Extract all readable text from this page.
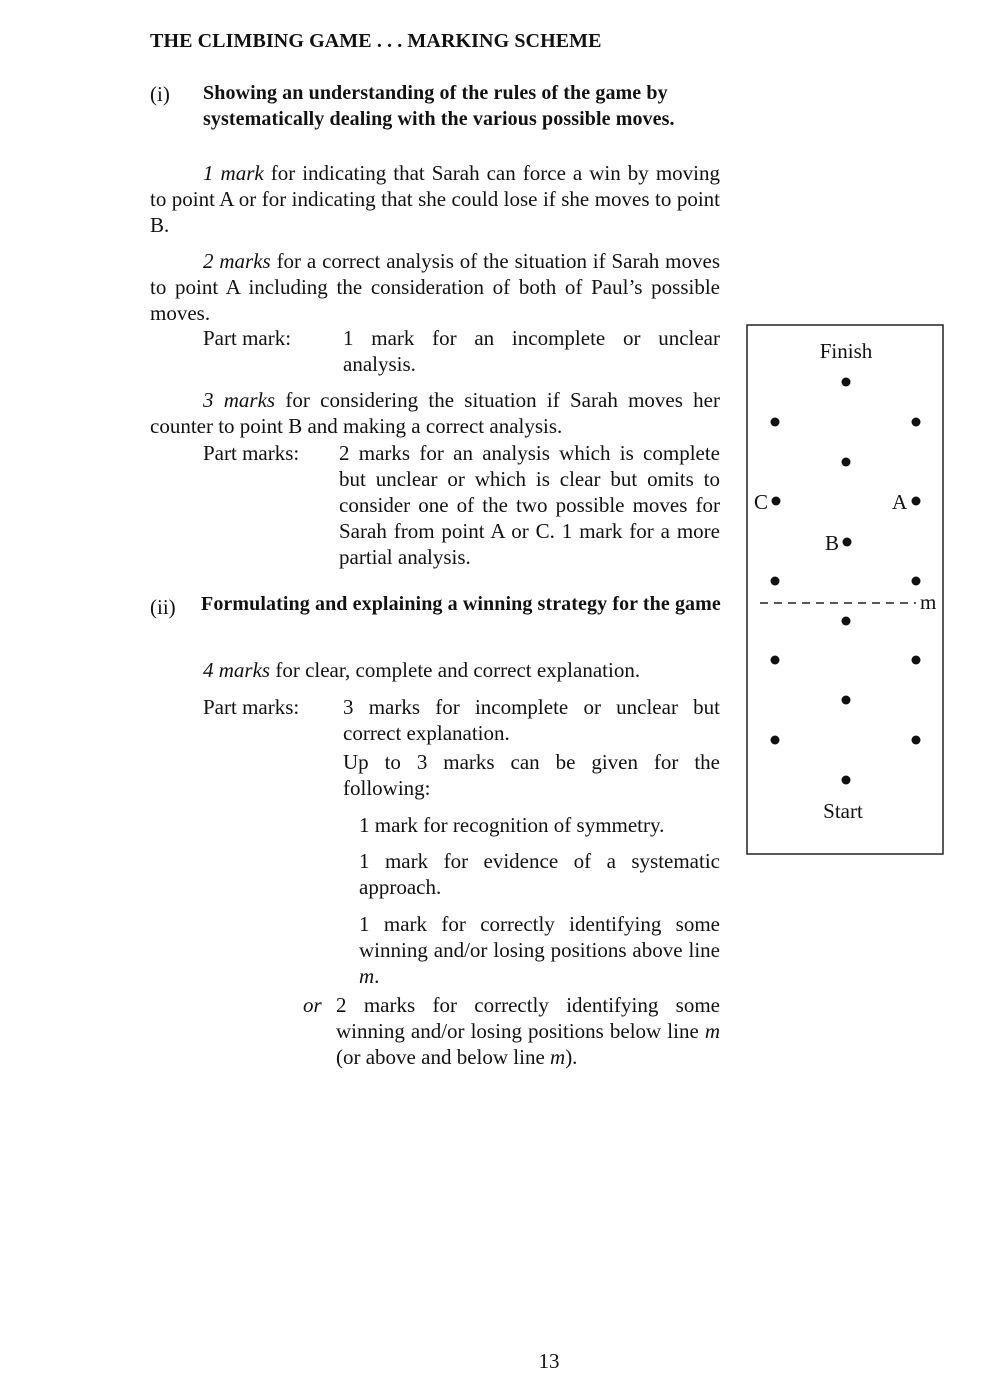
THE CLIMBING GAME . . . MARKING SCHEME
(i) Showing an understanding of the rules of the game by systematically dealing with the various possible moves.
1 mark for indicating that Sarah can force a win by moving to point A or for indicating that she could lose if she moves to point B.
2 marks for a correct analysis of the situation if Sarah moves to point A including the consideration of both of Paul’s possible moves.
Part mark: 1 mark for an incomplete or unclear analysis.
3 marks for considering the situation if Sarah moves her counter to point B and making a correct analysis.
Part marks: 2 marks for an analysis which is complete but unclear or which is clear but omits to consider one of the two possible moves for Sarah from point A or C. 1 mark for a more partial analysis.
(ii) Formulating and explaining a winning strategy for the game
4 marks for clear, complete and correct explanation.
Part marks: 3 marks for incomplete or unclear but correct explanation.
Up to 3 marks can be given for the following:
1 mark for recognition of symmetry.
1 mark for evidence of a systematic approach.
1 mark for correctly identifying some winning and/or losing positions above line m.
or 2 marks for correctly identifying some winning and/or losing positions below line m (or above and below line m).
Finish
C	A
B
m
Start
13
